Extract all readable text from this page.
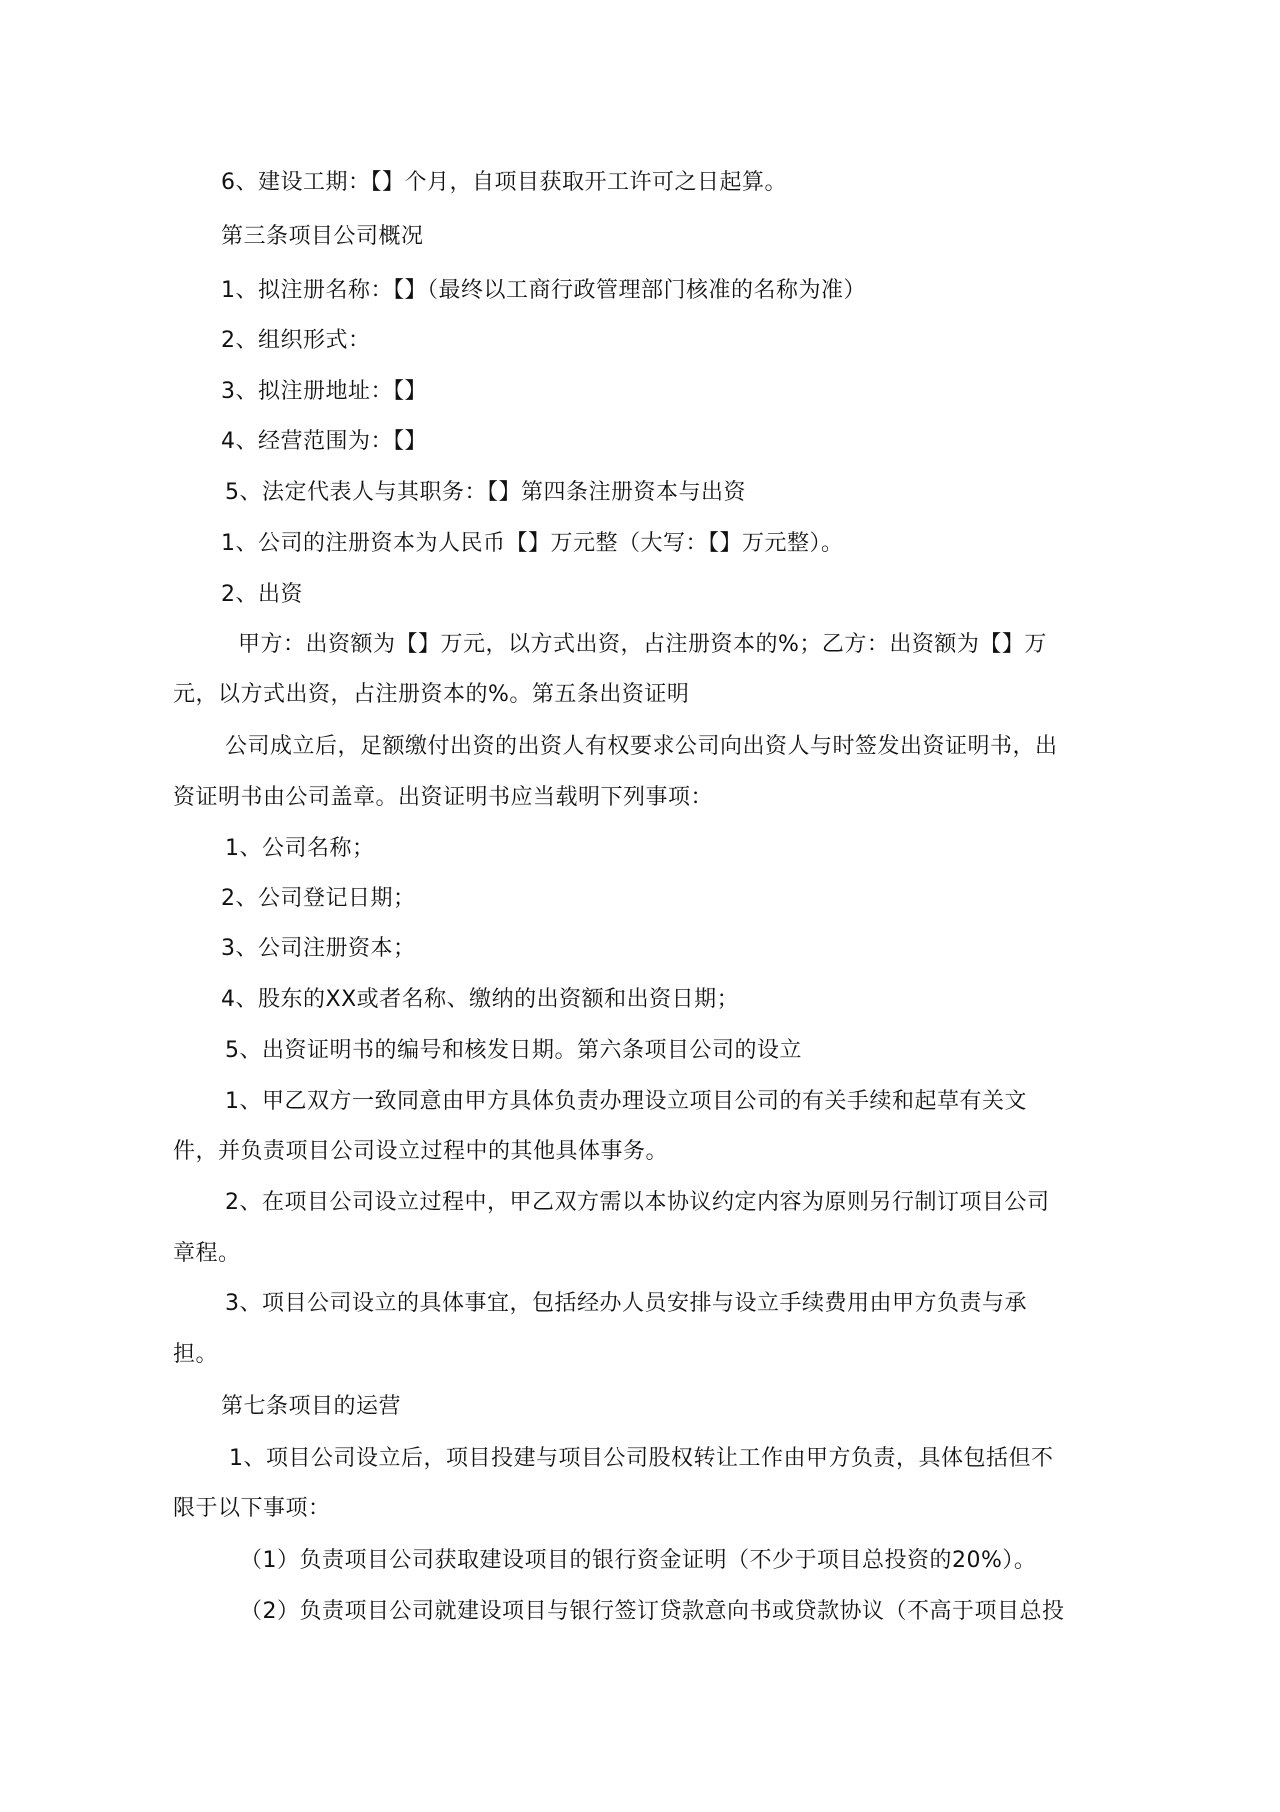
6、建设工期：【】个月，自项目获取开工许可之日起算。
第三条项目公司概况
1、拟注册名称：【】（最终以工商行政管理部门核准的名称为准）
2、组织形式：
3、拟注册地址：【】
4、经营范围为：【】
5、法定代表人与其职务：【】第四条注册资本与出资
1、公司的注册资本为人民币【】万元整（大写：【】万元整）。
2、出资
甲方：出资额为【】万元，以方式出资，占注册资本的%；乙方：出资额为【】万
元，以方式出资，占注册资本的%。第五条出资证明
公司成立后，足额缴付出资的出资人有权要求公司向出资人与时签发出资证明书，出
资证明书由公司盖章。出资证明书应当载明下列事项：
1、公司名称；
2、公司登记日期；
3、公司注册资本；
4、股东的XX或者名称、缴纳的出资额和出资日期；
5、出资证明书的编号和核发日期。第六条项目公司的设立
1、甲乙双方一致同意由甲方具体负责办理设立项目公司的有关手续和起草有关文
件，并负责项目公司设立过程中的其他具体事务。
2、在项目公司设立过程中，甲乙双方需以本协议约定内容为原则另行制订项目公司
章程。
3、项目公司设立的具体事宜，包括经办人员安排与设立手续费用由甲方负责与承
担。
第七条项目的运营
1、项目公司设立后，项目投建与项目公司股权转让工作由甲方负责，具体包括但不
限于以下事项：
（1）负责项目公司获取建设项目的银行资金证明（不少于项目总投资的20%）。
（2）负责项目公司就建设项目与银行签订贷款意向书或贷款协议（不高于项目总投
